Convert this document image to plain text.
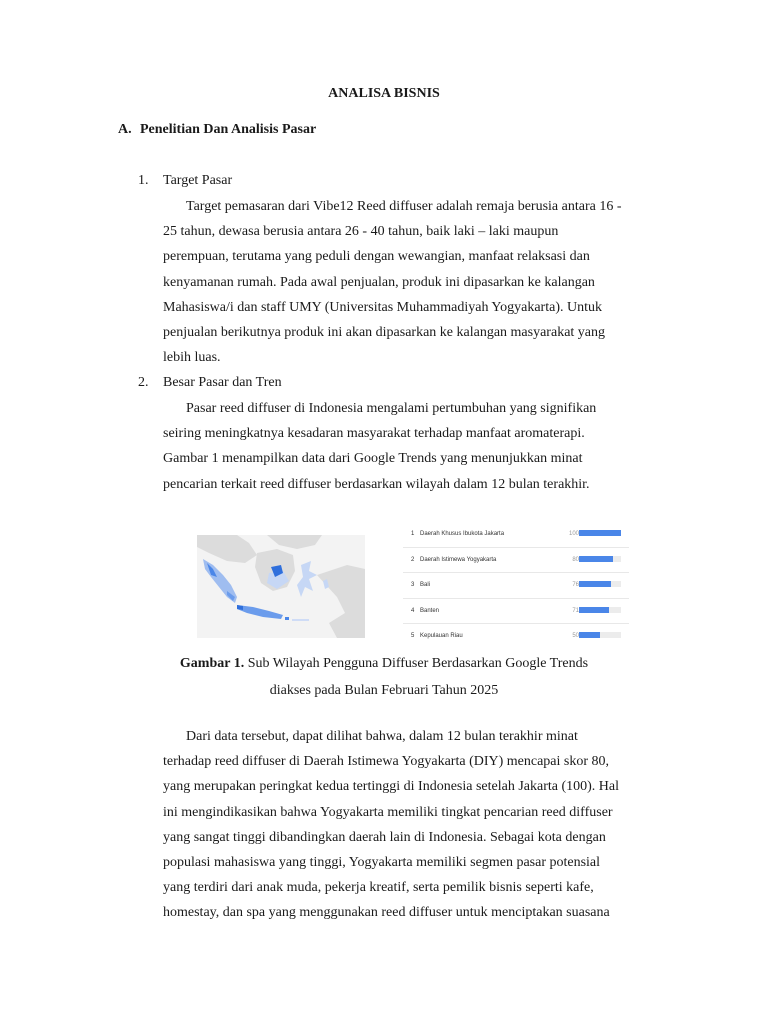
ANALISA BISNIS
A. Penelitian Dan Analisis Pasar
1. Target Pasar

Target pemasaran dari Vibe12 Reed diffuser adalah remaja berusia antara 16 -
25 tahun, dewasa berusia antara 26 - 40 tahun, baik laki – laki maupun
perempuan, terutama yang peduli dengan wewangian, manfaat relaksasi dan
kenyamanan rumah. Pada awal penjualan, produk ini dipasarkan ke kalangan
Mahasiswa/i dan staff UMY (Universitas Muhammadiyah Yogyakarta). Untuk
penjualan berikutnya produk ini akan dipasarkan ke kalangan masyarakat yang
lebih luas.

2. Besar Pasar dan Tren

Pasar reed diffuser di Indonesia mengalami pertumbuhan yang signifikan
seiring meningkatnya kesadaran masyarakat terhadap manfaat aromaterapi.
Gambar 1 menampilkan data dari Google Trends yang menunjukkan minat
pencarian terkait reed diffuser berdasarkan wilayah dalam 12 bulan terakhir.

1 Daerah Khusus Ibukota Jakarta	100
2 Daerah Istimewa Yogyakarta	80
3 Bali	76
4 Banten	71
5 Kepulauan Riau	50
Gambar 1. Sub Wilayah Pengguna Diffuser Berdasarkan Google Trends
diakses pada Bulan Februari Tahun 2025

Dari data tersebut, dapat dilihat bahwa, dalam 12 bulan terakhir minat
terhadap reed diffuser di Daerah Istimewa Yogyakarta (DIY) mencapai skor 80,
yang merupakan peringkat kedua tertinggi di Indonesia setelah Jakarta (100). Hal
ini mengindikasikan bahwa Yogyakarta memiliki tingkat pencarian reed diffuser
yang sangat tinggi dibandingkan daerah lain di Indonesia. Sebagai kota dengan
populasi mahasiswa yang tinggi, Yogyakarta memiliki segmen pasar potensial
yang terdiri dari anak muda, pekerja kreatif, serta pemilik bisnis seperti kafe,
homestay, dan spa yang menggunakan reed diffuser untuk menciptakan suasana
